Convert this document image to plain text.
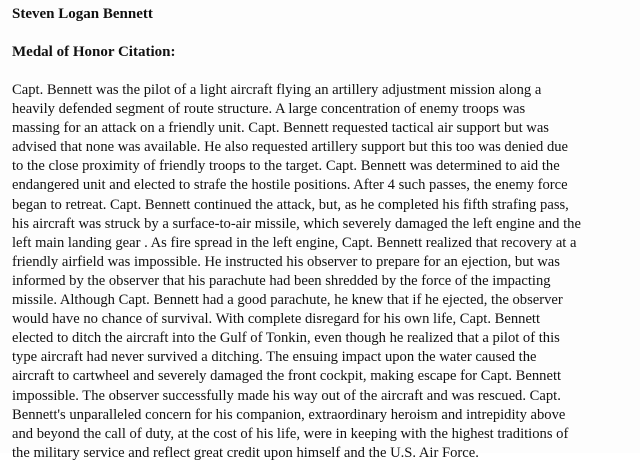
Steven Logan Bennett
Medal of Honor Citation:
Capt. Bennett was the pilot of a light aircraft flying an artillery adjustment mission along a
heavily defended segment of route structure. A large concentration of enemy troops was
massing for an attack on a friendly unit. Capt. Bennett requested tactical air support but was
advised that none was available. He also requested artillery support but this too was denied due
to the close proximity of friendly troops to the target. Capt. Bennett was determined to aid the
endangered unit and elected to strafe the hostile positions. After 4 such passes, the enemy force
began to retreat. Capt. Bennett continued the attack, but, as he completed his fifth strafing pass,
his aircraft was struck by a surface-to-air missile, which severely damaged the left engine and the
left main landing gear . As fire spread in the left engine, Capt. Bennett realized that recovery at a
friendly airfield was impossible. He instructed his observer to prepare for an ejection, but was
informed by the observer that his parachute had been shredded by the force of the impacting
missile. Although Capt. Bennett had a good parachute, he knew that if he ejected, the observer
would have no chance of survival. With complete disregard for his own life, Capt. Bennett
elected to ditch the aircraft into the Gulf of Tonkin, even though he realized that a pilot of this
type aircraft had never survived a ditching. The ensuing impact upon the water caused the
aircraft to cartwheel and severely damaged the front cockpit, making escape for Capt. Bennett
impossible. The observer successfully made his way out of the aircraft and was rescued. Capt.
Bennett's unparalleled concern for his companion, extraordinary heroism and intrepidity above
and beyond the call of duty, at the cost of his life, were in keeping with the highest traditions of
the military service and reflect great credit upon himself and the U.S. Air Force.
